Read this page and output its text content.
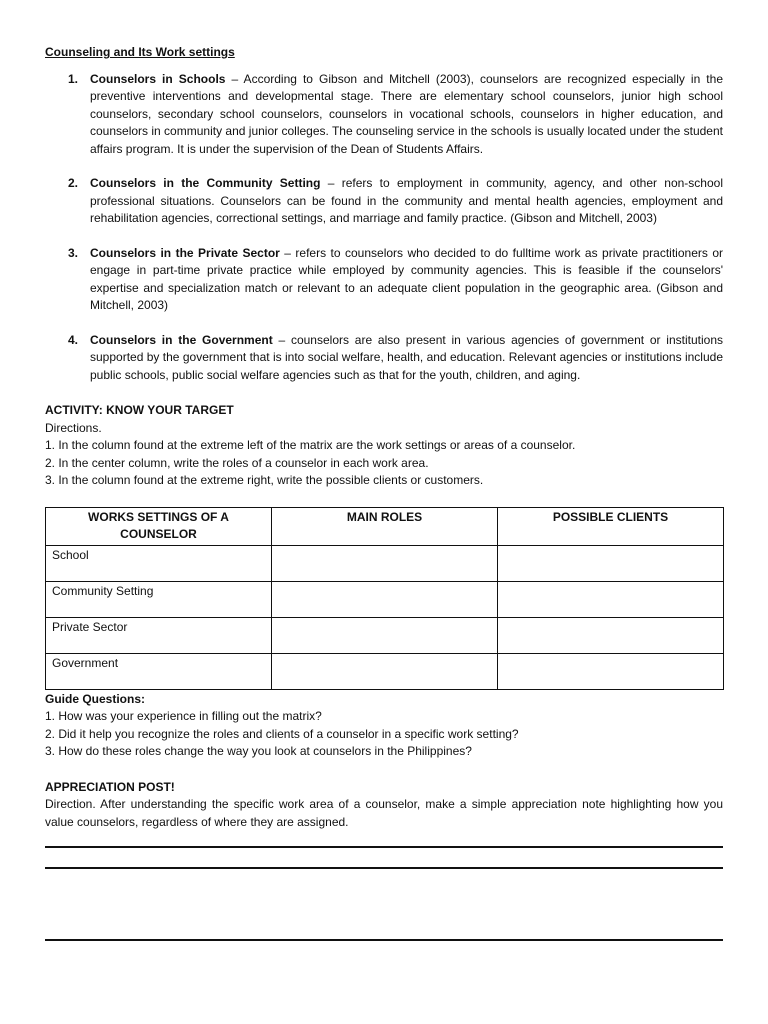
Counseling and Its Work settings
1. Counselors in Schools – According to Gibson and Mitchell (2003), counselors are recognized especially in the preventive interventions and developmental stage. There are elementary school counselors, junior high school counselors, secondary school counselors, counselors in vocational schools, counselors in higher education, and counselors in community and junior colleges. The counseling service in the schools is usually located under the student affairs program. It is under the supervision of the Dean of Students Affairs.
2. Counselors in the Community Setting – refers to employment in community, agency, and other non-school professional situations. Counselors can be found in the community and mental health agencies, employment and rehabilitation agencies, correctional settings, and marriage and family practice. (Gibson and Mitchell, 2003)
3. Counselors in the Private Sector – refers to counselors who decided to do fulltime work as private practitioners or engage in part-time private practice while employed by community agencies. This is feasible if the counselors' expertise and specialization match or relevant to an adequate client population in the geographic area. (Gibson and Mitchell, 2003)
4. Counselors in the Government – counselors are also present in various agencies of government or institutions supported by the government that is into social welfare, health, and education. Relevant agencies or institutions include public schools, public social welfare agencies such as that for the youth, children, and aging.
ACTIVITY: KNOW YOUR TARGET
Directions.
1. In the column found at the extreme left of the matrix are the work settings or areas of a counselor.
2. In the center column, write the roles of a counselor in each work area.
3. In the column found at the extreme right, write the possible clients or customers.
WORKS SETTINGS OF A COUNSELOR	MAIN ROLES	POSSIBLE CLIENTS
School		
Community Setting		
Private Sector		
Government		
Guide Questions:
1. How was your experience in filling out the matrix?
2. Did it help you recognize the roles and clients of a counselor in a specific work setting?
3. How do these roles change the way you look at counselors in the Philippines?
APPRECIATION POST!
Direction. After understanding the specific work area of a counselor, make a simple appreciation note highlighting how you value counselors, regardless of where they are assigned.
